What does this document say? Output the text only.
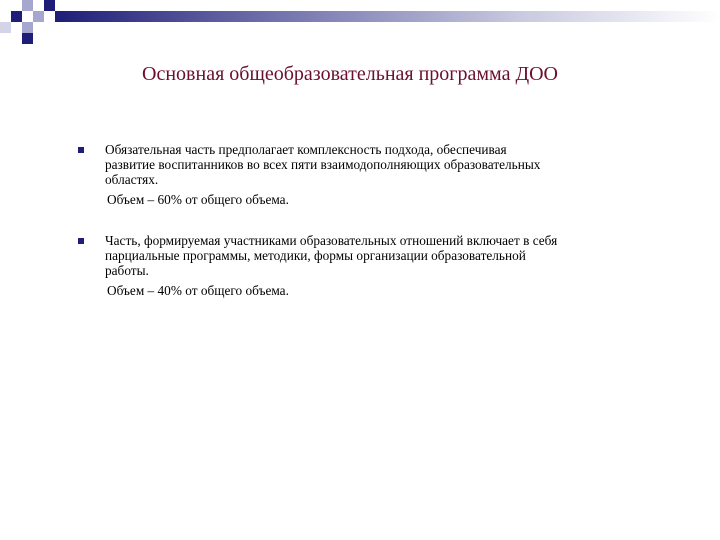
Основная общеобразовательная программа ДОО
Обязательная часть предполагает комплексность подхода, обеспечивая развитие воспитанников во всех пяти взаимодополняющих образовательных областях.
Объем – 60% от общего объема.
Часть, формируемая участниками образовательных отношений включает в себя парциальные программы, методики, формы организации образовательной работы.
Объем – 40% от общего объема.
